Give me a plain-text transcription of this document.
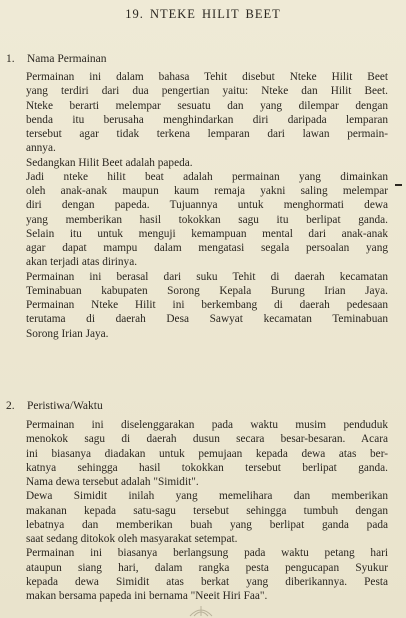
19. NTEKE HILIT BEET
1. Nama Permainan
Permainan ini dalam bahasa Tehit disebut Nteke Hilit Beet
yang terdiri dari dua pengertian yaitu: Nteke dan Hilit Beet.
Nteke berarti melempar sesuatu dan yang dilempar dengan
benda itu berusaha menghindarkan diri daripada lemparan
tersebut agar tidak terkena lemparan dari lawan permain-
annya.
Sedangkan Hilit Beet adalah papeda.
Jadi nteke hilit beat adalah permainan yang dimainkan
oleh anak-anak maupun kaum remaja yakni saling melempar
diri dengan papeda. Tujuannya untuk menghormati dewa
yang memberikan hasil tokokkan sagu itu berlipat ganda.
Selain itu untuk menguji kemampuan mental dari anak-anak
agar dapat mampu dalam mengatasi segala persoalan yang
akan terjadi atas dirinya.
Permainan ini berasal dari suku Tehit di daerah kecamatan
Teminabuan kabupaten Sorong Kepala Burung Irian Jaya.
Permainan Nteke Hilit ini berkembang di daerah pedesaan
terutama di daerah Desa Sawyat kecamatan Teminabuan
Sorong Irian Jaya.
2. Peristiwa/Waktu
Permainan ini diselenggarakan pada waktu musim penduduk
menokok sagu di daerah dusun secara besar-besaran. Acara
ini biasanya diadakan untuk pemujaan kepada dewa atas ber-
katnya sehingga hasil tokokkan tersebut berlipat ganda.
Nama dewa tersebut adalah "Simidit".
Dewa Simidit inilah yang memelihara dan memberikan
makanan kepada satu-sagu tersebut sehingga tumbuh dengan
lebatnya dan memberikan buah yang berlipat ganda pada
saat sedang ditokok oleh masyarakat setempat.
Permainan ini biasanya berlangsung pada waktu petang hari
ataupun siang hari, dalam rangka pesta pengucapan Syukur
kepada dewa Simidit atas berkat yang diberikannya. Pesta
makan bersama papeda ini bernama "Neeit Hiri Faa".
